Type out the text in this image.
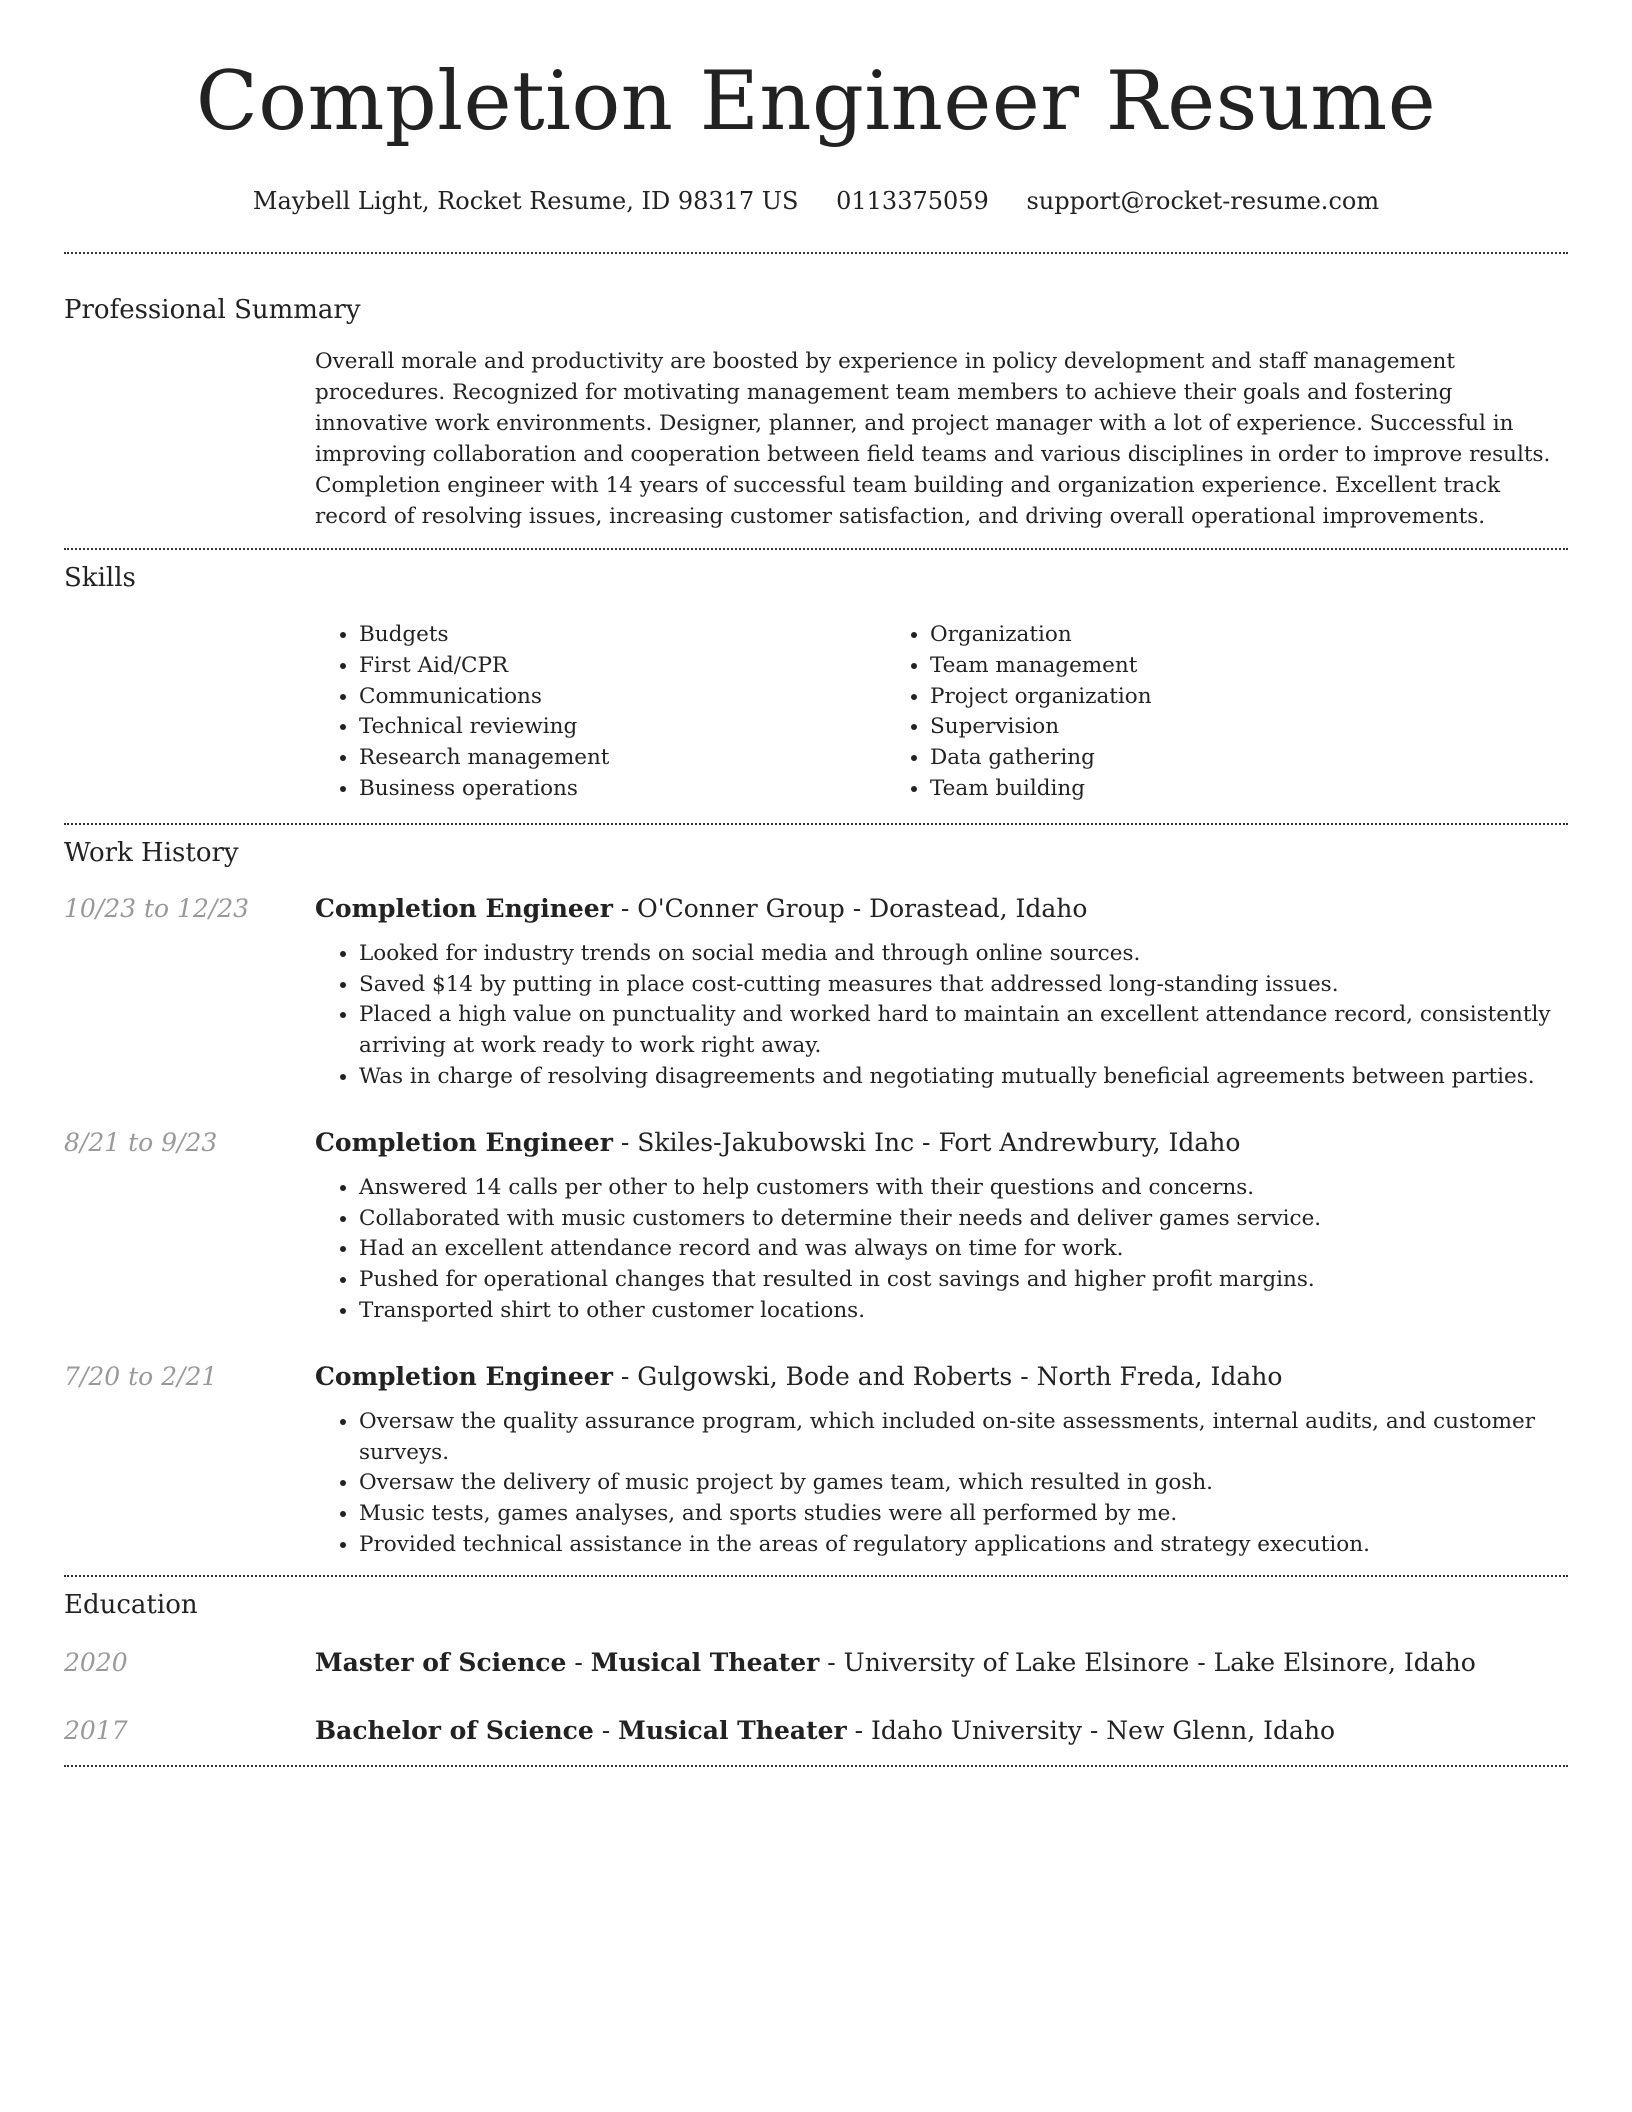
Completion Engineer Resume
Maybell Light, Rocket Resume, ID 98317 US 0113375059 support@rocket-resume.com
Professional Summary

Overall morale and productivity are boosted by experience in policy development and staff management procedures. Recognized for motivating management team members to achieve their goals and fostering innovative work environments. Designer, planner, and project manager with a lot of experience. Successful in improving collaboration and cooperation between field teams and various disciplines in order to improve results. Completion engineer with 14 years of successful team building and organization experience. Excellent track record of resolving issues, increasing customer satisfaction, and driving overall operational improvements.

Skills
• Budgets
• First Aid/CPR
• Communications
• Technical reviewing
• Research management
• Business operations
• Organization
• Team management
• Project organization
• Supervision
• Data gathering
• Team building
Work History
10/23 to 12/23	Completion Engineer - O'Conner Group - Dorastead, Idaho
• Looked for industry trends on social media and through online sources.
• Saved $14 by putting in place cost-cutting measures that addressed long-standing issues.
• Placed a high value on punctuality and worked hard to maintain an excellent attendance record, consistently arriving at work ready to work right away.
• Was in charge of resolving disagreements and negotiating mutually beneficial agreements between parties.
8/21 to 9/23	Completion Engineer - Skiles-Jakubowski Inc - Fort Andrewbury, Idaho
• Answered 14 calls per other to help customers with their questions and concerns.
• Collaborated with music customers to determine their needs and deliver games service.
• Had an excellent attendance record and was always on time for work.
• Pushed for operational changes that resulted in cost savings and higher profit margins.
• Transported shirt to other customer locations.
7/20 to 2/21	Completion Engineer - Gulgowski, Bode and Roberts - North Freda, Idaho
• Oversaw the quality assurance program, which included on-site assessments, internal audits, and customer surveys.
• Oversaw the delivery of music project by games team, which resulted in gosh.
• Music tests, games analyses, and sports studies were all performed by me.
• Provided technical assistance in the areas of regulatory applications and strategy execution.
Education
2020	Master of Science - Musical Theater - University of Lake Elsinore - Lake Elsinore, Idaho
2017	Bachelor of Science - Musical Theater - Idaho University - New Glenn, Idaho
